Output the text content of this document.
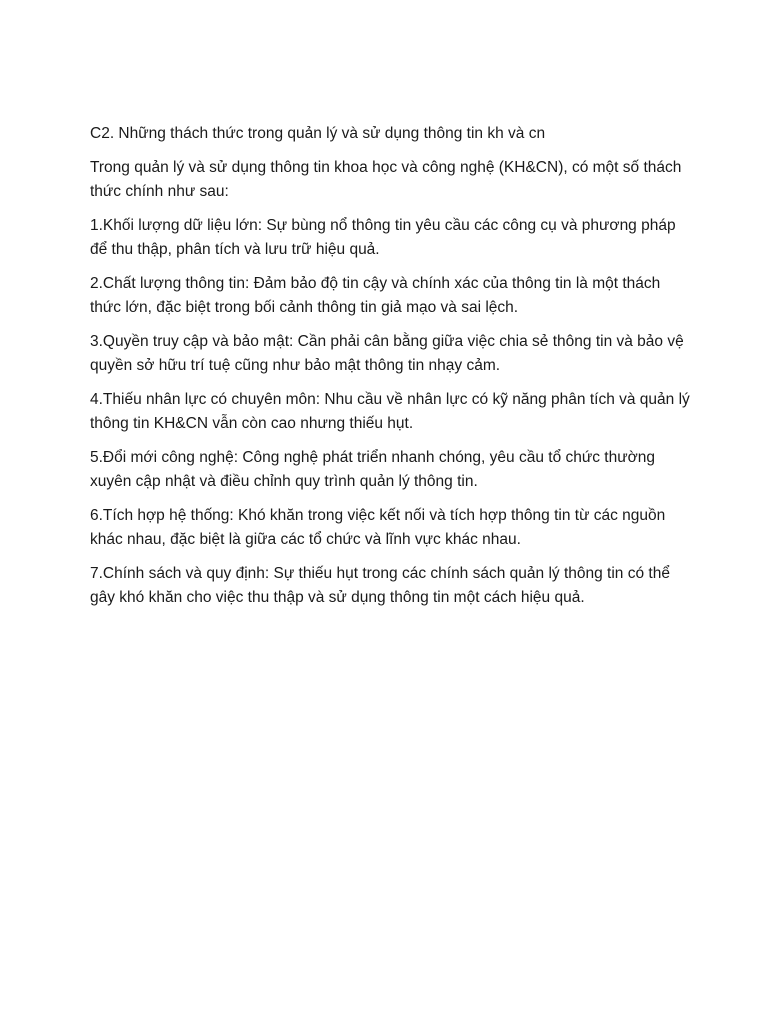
C2. Những thách thức trong quản lý và sử dụng thông tin kh và cn

Trong quản lý và sử dụng thông tin khoa học và công nghệ (KH&CN), có một số thách thức chính như sau:

1.Khối lượng dữ liệu lớn: Sự bùng nổ thông tin yêu cầu các công cụ và phương pháp để thu thập, phân tích và lưu trữ hiệu quả.

2.Chất lượng thông tin: Đảm bảo độ tin cậy và chính xác của thông tin là một thách thức lớn, đặc biệt trong bối cảnh thông tin giả mạo và sai lệch.

3.Quyền truy cập và bảo mật: Cần phải cân bằng giữa việc chia sẻ thông tin và bảo vệ quyền sở hữu trí tuệ cũng như bảo mật thông tin nhạy cảm.

4.Thiếu nhân lực có chuyên môn: Nhu cầu về nhân lực có kỹ năng phân tích và quản lý thông tin KH&CN vẫn còn cao nhưng thiếu hụt.

5.Đổi mới công nghệ: Công nghệ phát triển nhanh chóng, yêu cầu tổ chức thường xuyên cập nhật và điều chỉnh quy trình quản lý thông tin.

6.Tích hợp hệ thống: Khó khăn trong việc kết nối và tích hợp thông tin từ các nguồn khác nhau, đặc biệt là giữa các tổ chức và lĩnh vực khác nhau.

7.Chính sách và quy định: Sự thiếu hụt trong các chính sách quản lý thông tin có thể gây khó khăn cho việc thu thập và sử dụng thông tin một cách hiệu quả.
